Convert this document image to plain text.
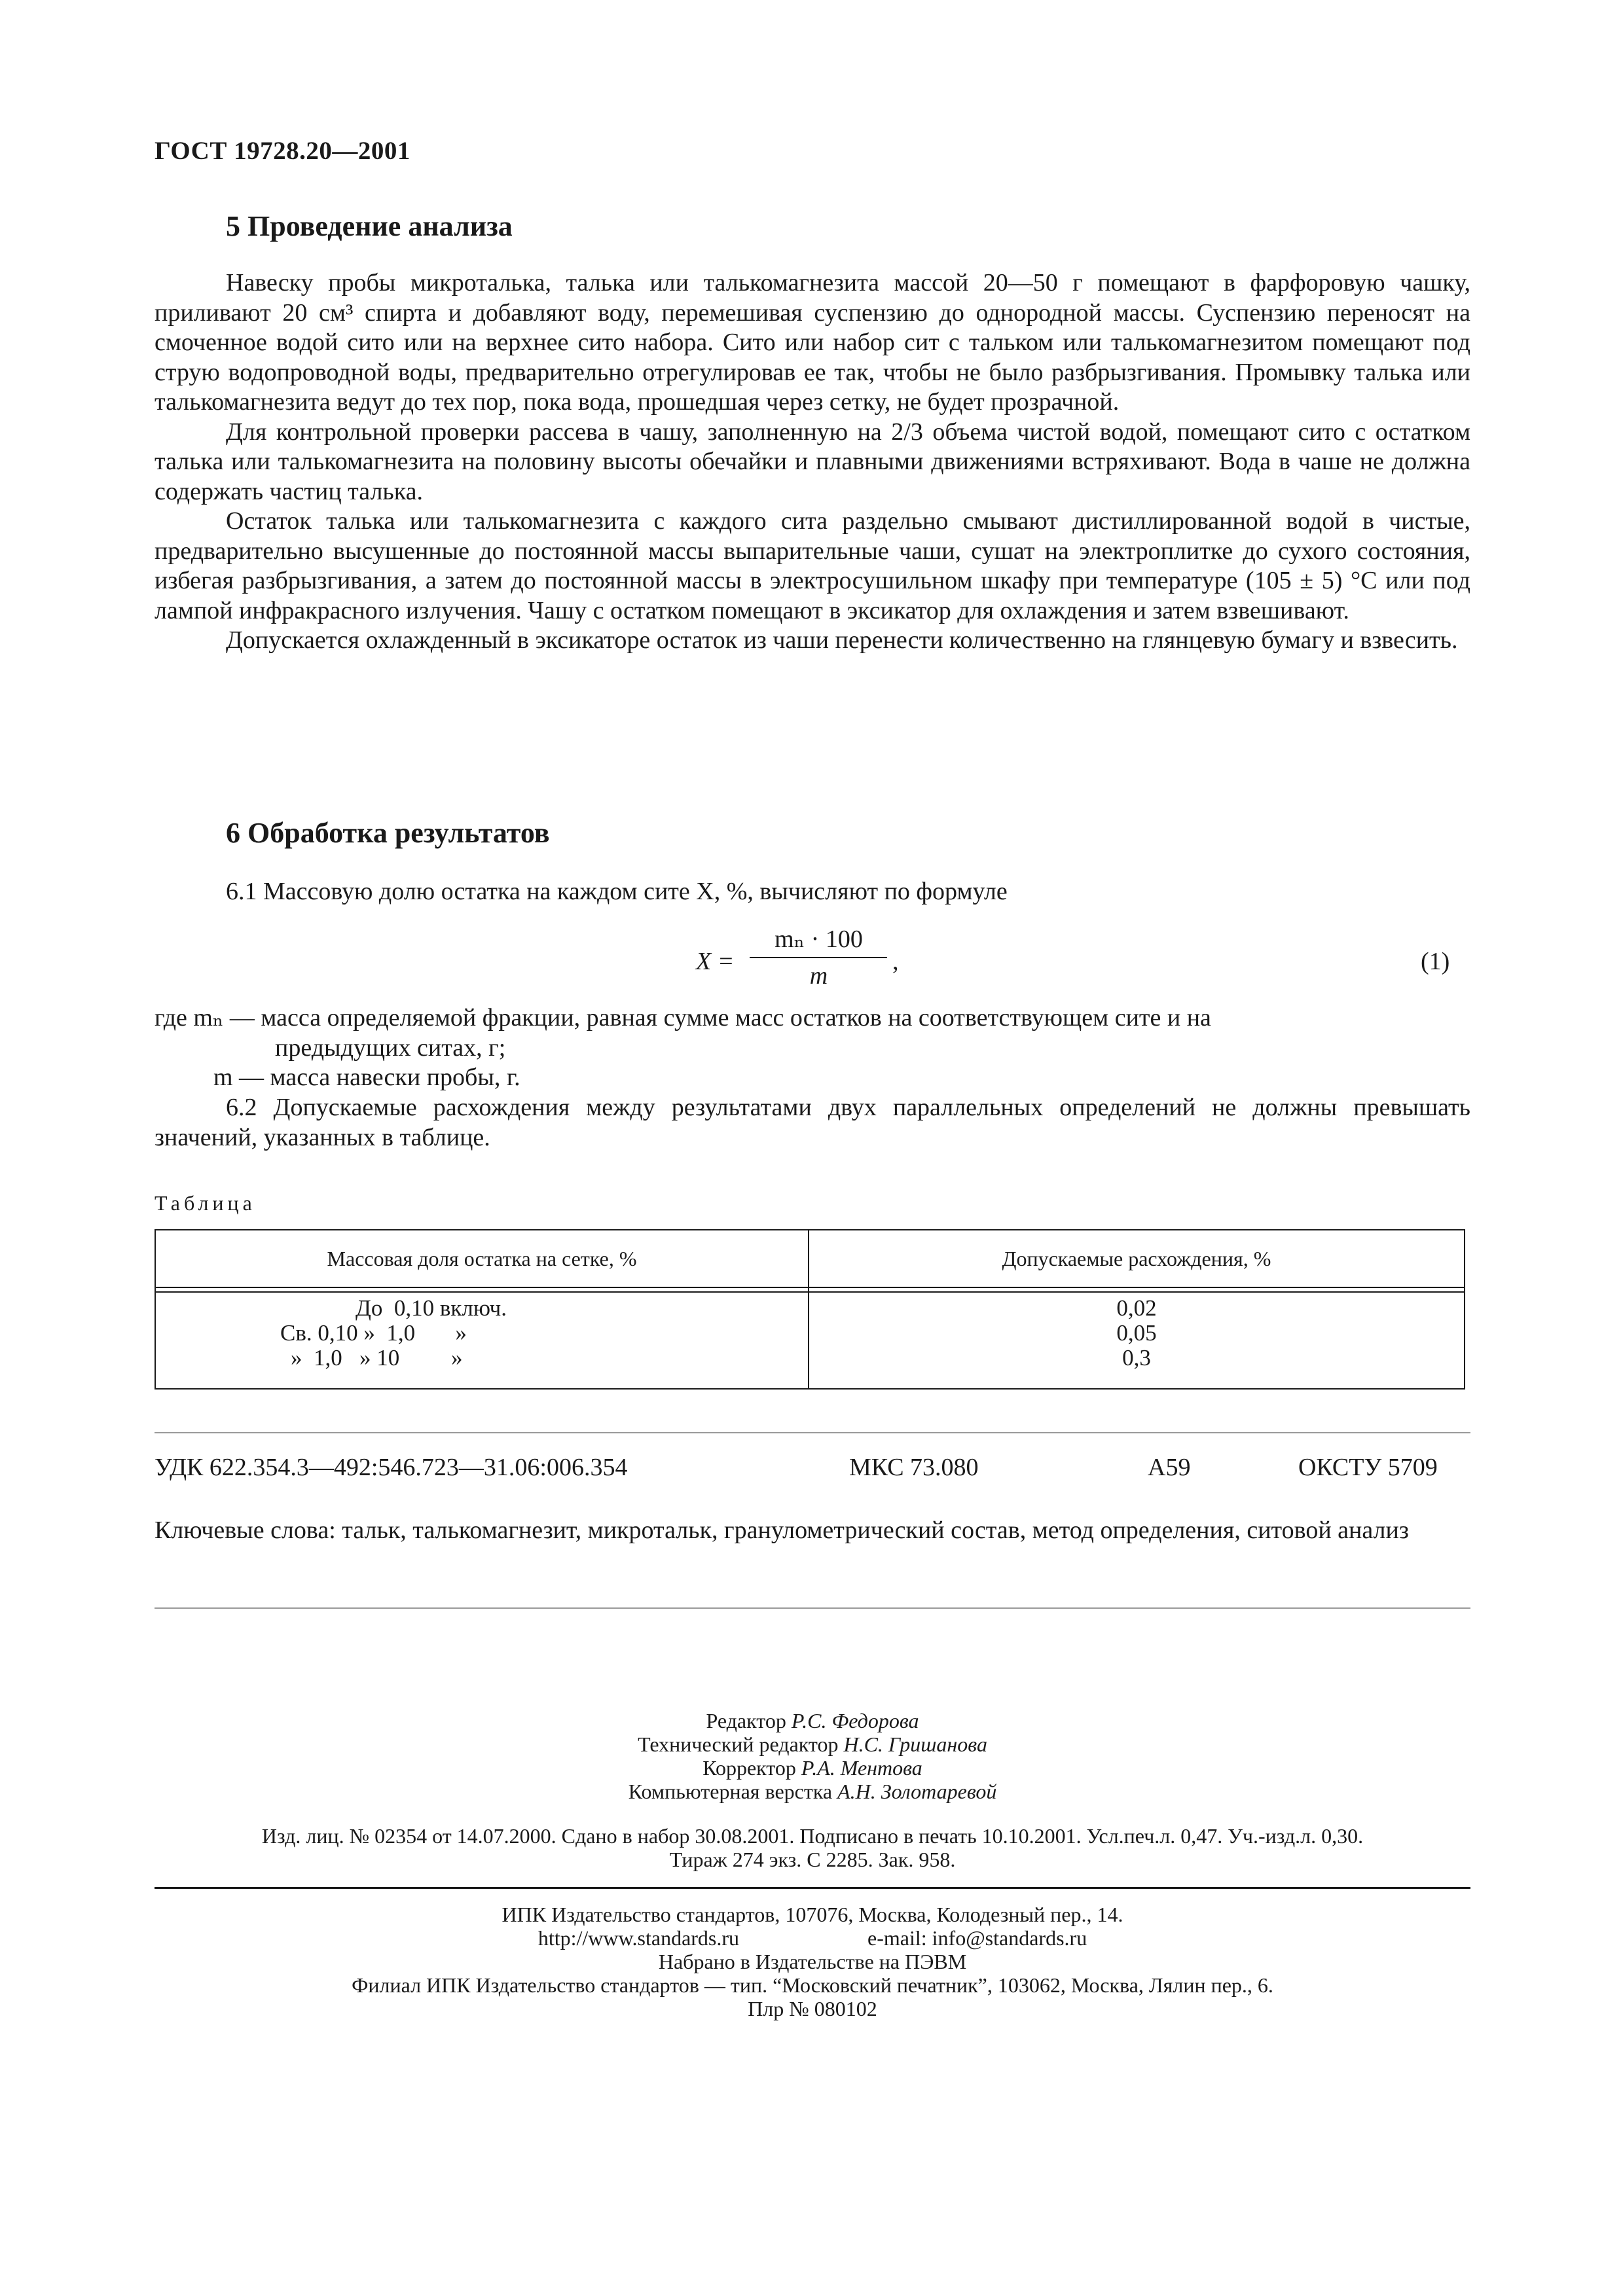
ГОСТ 19728.20—2001
5 Проведение анализа

Навеску пробы микроталька, талька или талькомагнезита массой 20—50 г помещают в фарфоровую чашку, приливают 20 см³ спирта и добавляют воду, перемешивая суспензию до однородной массы. Суспензию переносят на смоченное водой сито или на верхнее сито набора. Сито или набор сит с тальком или талькомагнезитом помещают под струю водопроводной воды, предварительно отрегулировав ее так, чтобы не было разбрызгивания. Промывку талька или талькомагнезита ведут до тех пор, пока вода, прошедшая через сетку, не будет прозрачной.

Для контрольной проверки рассева в чашу, заполненную на 2/3 объема чистой водой, помещают сито с остатком талька или талькомагнезита на половину высоты обечайки и плавными движениями встряхивают. Вода в чаше не должна содержать частиц талька.

Остаток талька или талькомагнезита с каждого сита раздельно смывают дистиллированной водой в чистые, предварительно высушенные до постоянной массы выпарительные чаши, сушат на электроплитке до сухого состояния, избегая разбрызгивания, а затем до постоянной массы в электросушильном шкафу при температуре (105 ± 5) °С или под лампой инфракрасного излучения. Чашу с остатком помещают в эксикатор для охлаждения и затем взвешивают.

Допускается охлажденный в эксикаторе остаток из чаши перенести количественно на глянцевую бумагу и взвесить.

6 Обработка результатов
6.1 Массовую долю остатка на каждом сите X, %, вычисляют по формуле
X =
mₙ · 100
m
,	(1)
где mₙ — масса определяемой фракции, равная сумме масс остатков на соответствующем сите и на
предыдущих ситах, г;
m — масса навески пробы, г.

6.2 Допускаемые расхождения между результатами двух параллельных определений не должны превышать значений, указанных в таблице.

Таблица
Массовая доля остатка на сетке, %	Допускаемые расхождения, %
До  0,10 включ.	0,02
Св. 0,10 »  1,0       »	0,05
»  1,0   » 10         »	0,3
УДК 622.354.3—492:546.723—31.06:006.354	МКС 73.080	А59	ОКСТУ 5709
Ключевые слова: тальк, талькомагнезит, микротальк, гранулометрический состав, метод определения, ситовой анализ
Редактор Р.С. Федорова
Технический редактор Н.С. Гришанова
Корректор Р.А. Ментова
Компьютерная верстка А.Н. Золотаревой
Изд. лиц. № 02354 от 14.07.2000. Сдано в набор 30.08.2001. Подписано в печать 10.10.2001. Усл.печ.л. 0,47. Уч.-изд.л. 0,30.
Тираж 274 экз. С 2285. Зак. 958.
ИПК Издательство стандартов, 107076, Москва, Колодезный пер., 14.
http://www.standards.ru	e-mail: info@standards.ru
Набрано в Издательстве на ПЭВМ
Филиал ИПК Издательство стандартов — тип. “Московский печатник”, 103062, Москва, Лялин пер., 6.
Плр № 080102
